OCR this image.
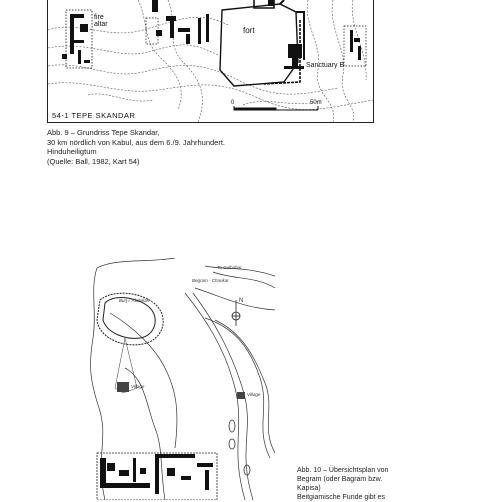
fire
altar
fort
Sanctuary B
0	50m
54-1 TEPE SKANDAR
Abb. 9 – Grundriss Tepe Skandar,
30 km nördlich von Kabul, aus dem 6./9. Jahrhundert.
Hinduheiligtum
(Quelle: Ball, 1982, Kart 54)
To Gulbahar
Begram - Charikar
Burj-i 'Abdullah	N
Village
Village
Abb. 10 – Übersichtsplan von
Begram (oder Bagram bzw.
Kapisa)
Beitgiamische Funde gibt es
